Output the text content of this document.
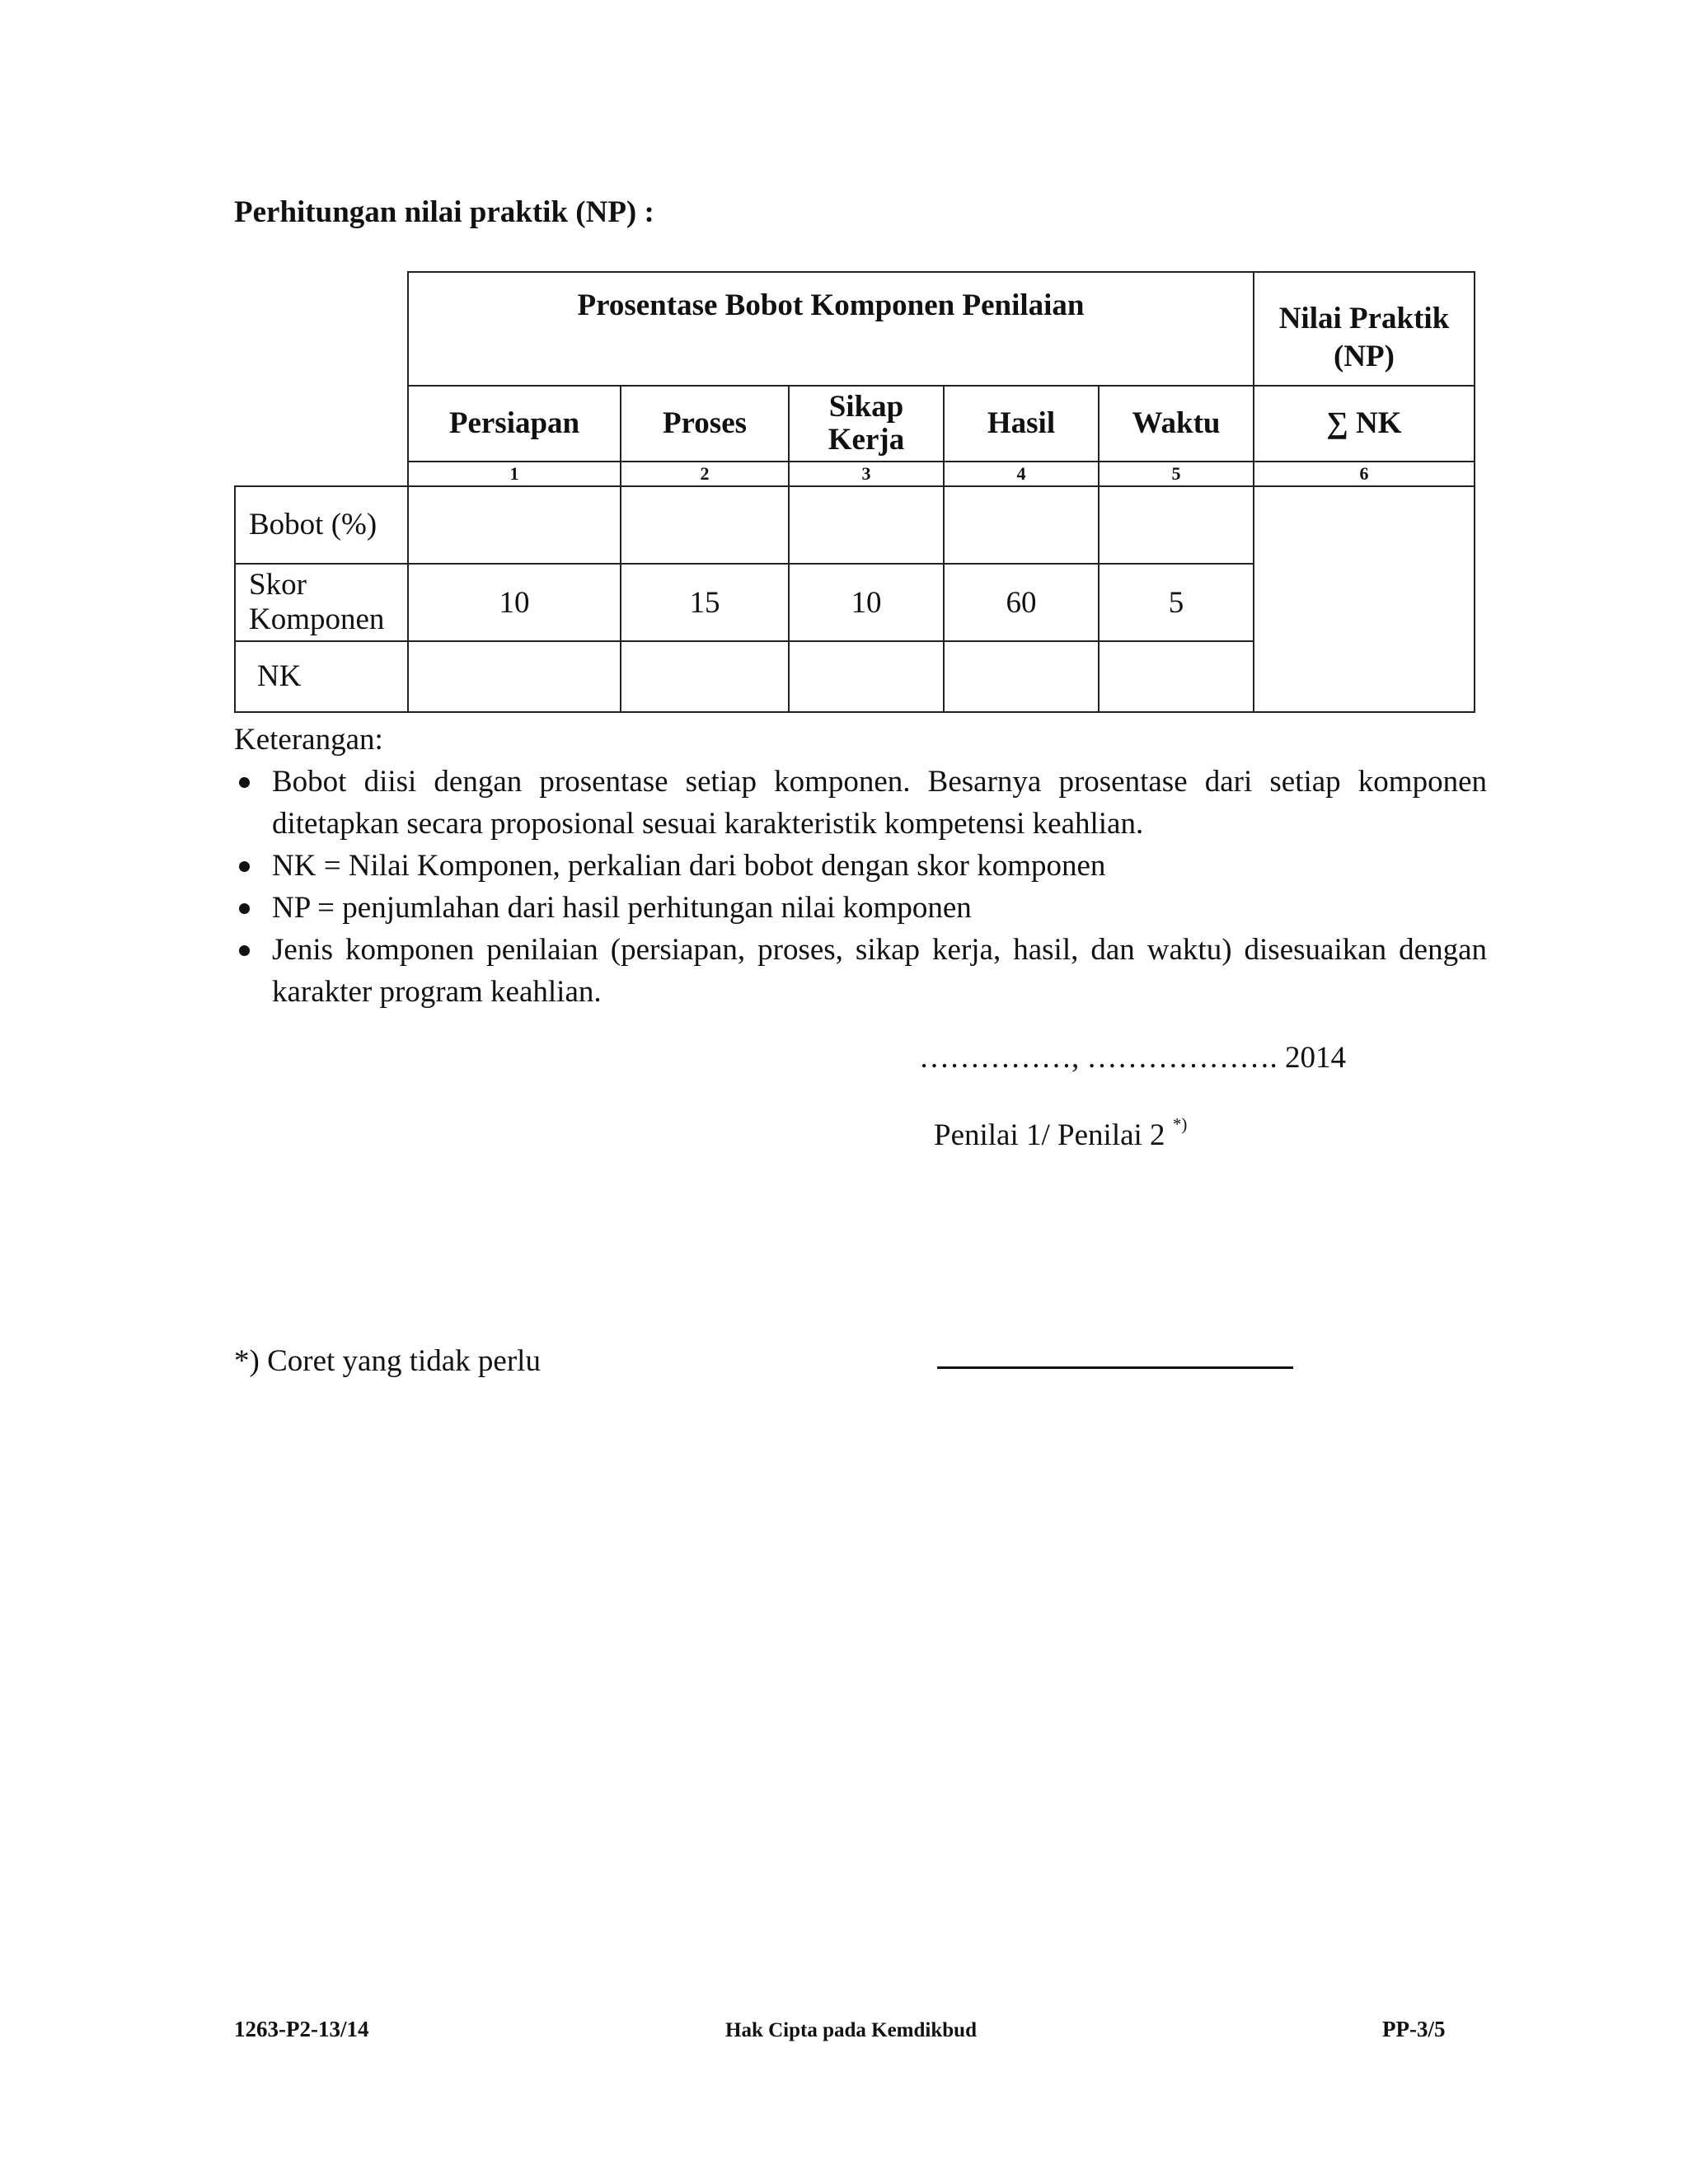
Perhitungan nilai praktik (NP) :
	Prosentase Bobot Komponen Penilaian					Nilai Praktik
(NP)

	Persiapan	Proses	Sikap
Kerja	Hasil	Waktu	∑ NK
	1	2	3	4	5	6
Bobot (%)						

Skor
Komponen	10	15	10	60	5	
NK						

Keterangan:

Bobot diisi dengan prosentase setiap komponen. Besarnya prosentase dari setiap komponen ditetapkan secara proposional sesuai karakteristik kompetensi keahlian.
NK = Nilai Komponen, perkalian dari bobot dengan skor komponen
NP = penjumlahan dari hasil perhitungan nilai komponen
Jenis komponen penilaian (persiapan, proses, sikap kerja, hasil, dan waktu) disesuaikan dengan karakter program keahlian.
……………, ………………. 2014
Penilai 1/ Penilai 2 *)
*) Coret yang tidak perlu
1263-P2-13/14	Hak Cipta pada Kemdikbud	PP-3/5
